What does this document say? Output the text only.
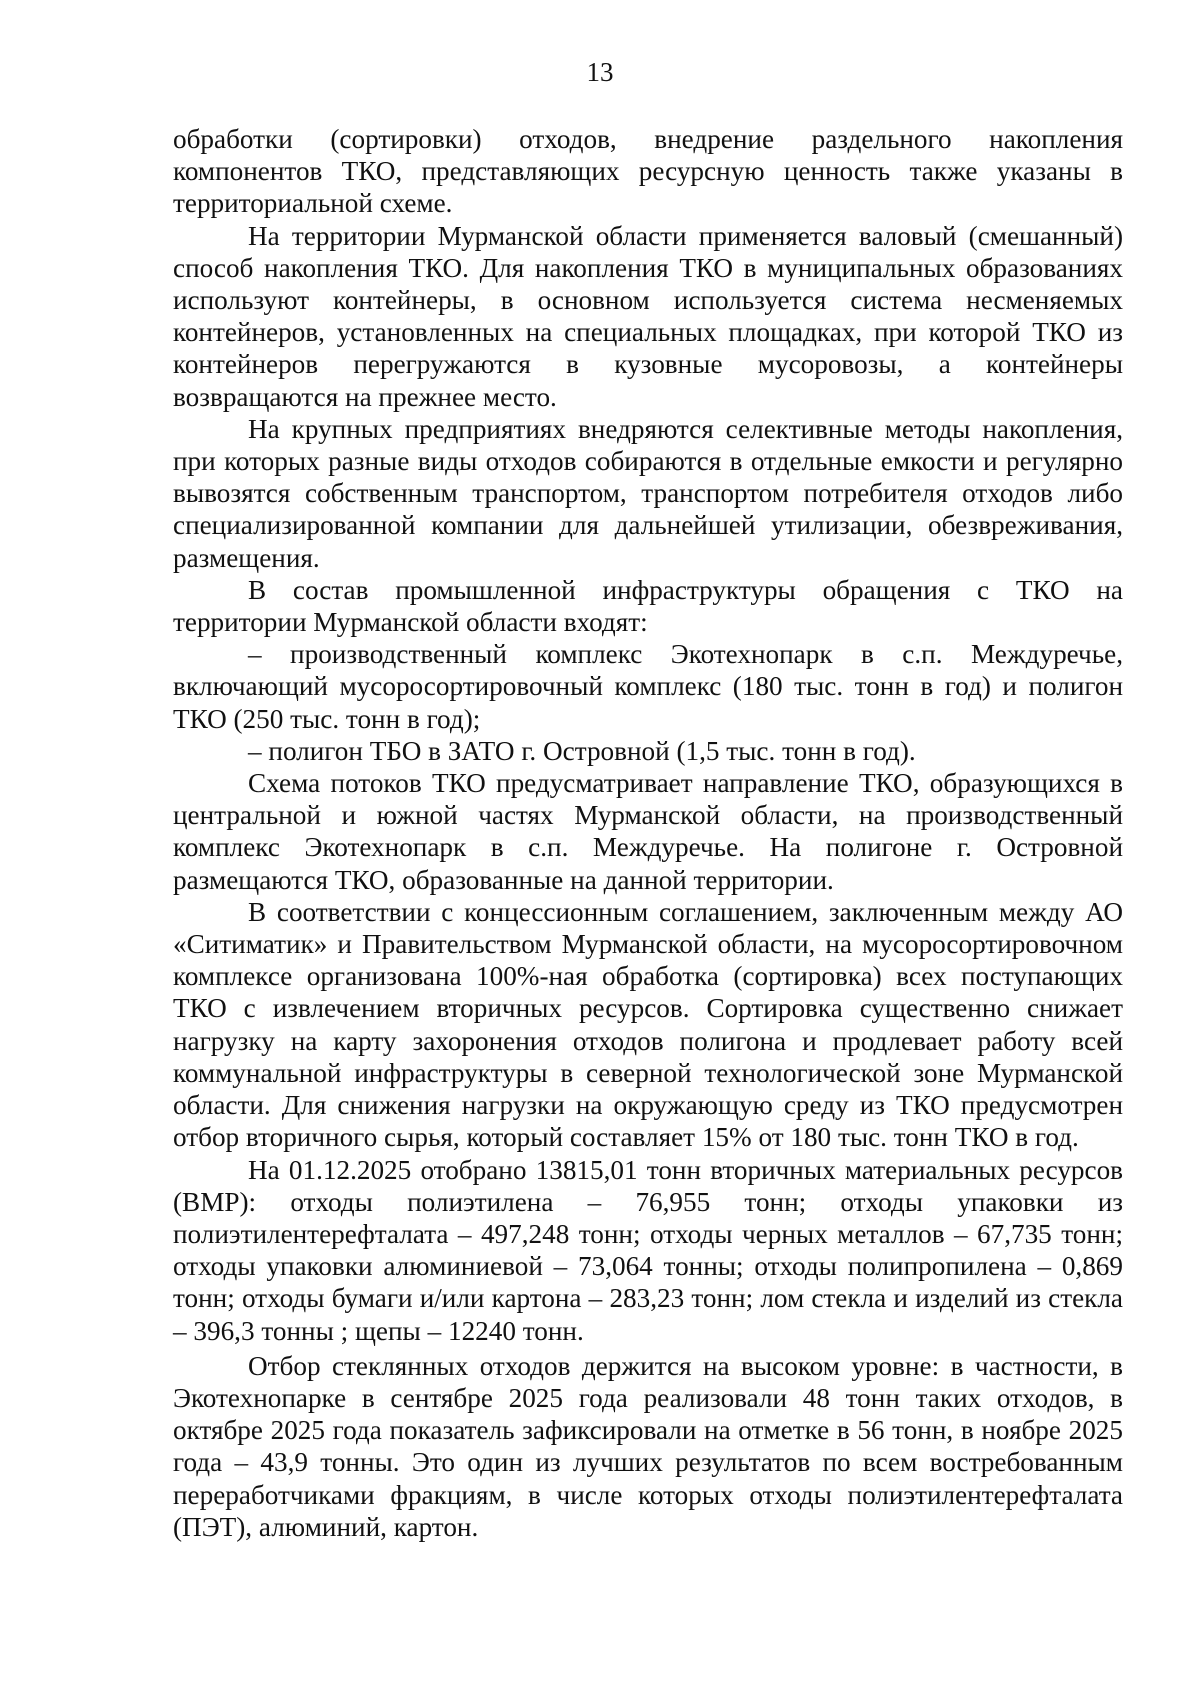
13

обработки (сортировки) отходов, внедрение раздельного накопления компонентов ТКО, представляющих ресурсную ценность также указаны в территориальной схеме.

На территории Мурманской области применяется валовый (смешанный) способ накопления ТКО. Для накопления ТКО в муниципальных образованиях используют контейнеры, в основном используется система несменяемых контейнеров, установленных на специальных площадках, при которой ТКО из контейнеров перегружаются в кузовные мусоровозы, а контейнеры возвращаются на прежнее место.

На крупных предприятиях внедряются селективные методы накопления, при которых разные виды отходов собираются в отдельные емкости и регулярно вывозятся собственным транспортом, транспортом потребителя отходов либо специализированной компании для дальнейшей утилизации, обезвреживания, размещения.

В состав промышленной инфраструктуры обращения с ТКО на территории Мурманской области входят:

– производственный комплекс Экотехнопарк в с.п. Междуречье, включающий мусоросортировочный комплекс (180 тыс. тонн в год) и полигон ТКО (250 тыс. тонн в год);

– полигон ТБО в ЗАТО г. Островной (1,5 тыс. тонн в год).

Схема потоков ТКО предусматривает направление ТКО, образующихся в центральной и южной частях Мурманской области, на производственный комплекс Экотехнопарк в с.п. Междуречье. На полигоне г. Островной размещаются ТКО, образованные на данной территории.

В соответствии с концессионным соглашением, заключенным между АО «Ситиматик» и Правительством Мурманской области, на мусоросортировочном комплексе организована 100%-ная обработка (сортировка) всех поступающих ТКО с извлечением вторичных ресурсов. Сортировка существенно снижает нагрузку на карту захоронения отходов полигона и продлевает работу всей коммунальной инфраструктуры в северной технологической зоне Мурманской области. Для снижения нагрузки на окружающую среду из ТКО предусмотрен отбор вторичного сырья, который составляет 15% от 180 тыс. тонн ТКО в год.

На 01.12.2025 отобрано 13815,01 тонн вторичных материальных ресурсов (ВМР): отходы полиэтилена – 76,955 тонн; отходы упаковки из полиэтилентерефталата – 497,248 тонн; отходы черных металлов – 67,735 тонн; отходы упаковки алюминиевой – 73,064 тонны; отходы полипропилена – 0,869 тонн; отходы бумаги и/или картона – 283,23 тонн; лом стекла и изделий из стекла – 396,3 тонны ; щепы – 12240 тонн.

Отбор стеклянных отходов держится на высоком уровне: в частности, в Экотехнопарке в сентябре 2025 года реализовали 48 тонн таких отходов, в октябре 2025 года показатель зафиксировали на отметке в 56 тонн, в ноябре 2025 года – 43,9 тонны. Это один из лучших результатов по всем востребованным переработчиками фракциям, в числе которых отходы полиэтилентерефталата (ПЭТ), алюминий, картон.
